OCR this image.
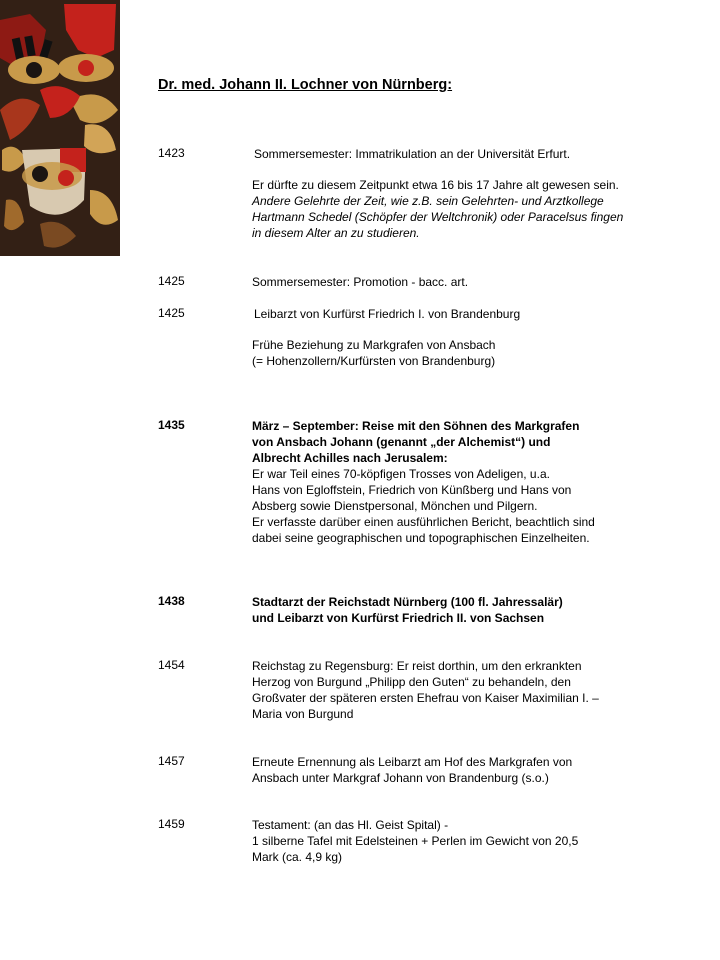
Dr. med. Johann II. Lochner von Nürnberg:
1423	Sommersemester: Immatrikulation an der Universität Erfurt.
Er dürfte zu diesem Zeitpunkt etwa 16 bis 17 Jahre alt gewesen sein. Andere Gelehrte der Zeit, wie z.B. sein Gelehrten- und Arztkollege Hartmann Schedel (Schöpfer der Weltchronik) oder Paracelsus fingen in diesem Alter an zu studieren.
1425	Sommersemester: Promotion - bacc. art.
1425	Leibarzt von Kurfürst Friedrich I. von Brandenburg
Frühe Beziehung zu Markgrafen von Ansbach
(= Hohenzollern/Kurfürsten von Brandenburg)
1435	März – September: Reise mit den Söhnen des Markgrafen
von Ansbach Johann (genannt „der Alchemist“) und
Albrecht Achilles nach Jerusalem:
Er war Teil eines 70-köpfigen Trosses von Adeligen, u.a.
Hans von Egloffstein, Friedrich von Künßberg und Hans von
Absberg sowie Dienstpersonal, Mönchen und Pilgern.
Er verfasste darüber einen ausführlichen Bericht, beachtlich sind
dabei seine geographischen und topographischen Einzelheiten.
1438	Stadtarzt der Reichstadt Nürnberg (100 fl. Jahressalär)
und Leibarzt von Kurfürst Friedrich II. von Sachsen
1454	Reichstag zu Regensburg: Er reist dorthin, um den erkrankten
Herzog von Burgund „Philipp den Guten“ zu behandeln, den
Großvater der späteren ersten Ehefrau von Kaiser Maximilian I. –
Maria von Burgund
1457	Erneute Ernennung als Leibarzt am Hof des Markgrafen von
Ansbach unter Markgraf Johann von Brandenburg (s.o.)
1459	Testament: (an das Hl. Geist Spital) -
1 silberne Tafel mit Edelsteinen + Perlen im Gewicht von 20,5
Mark (ca. 4,9 kg)
